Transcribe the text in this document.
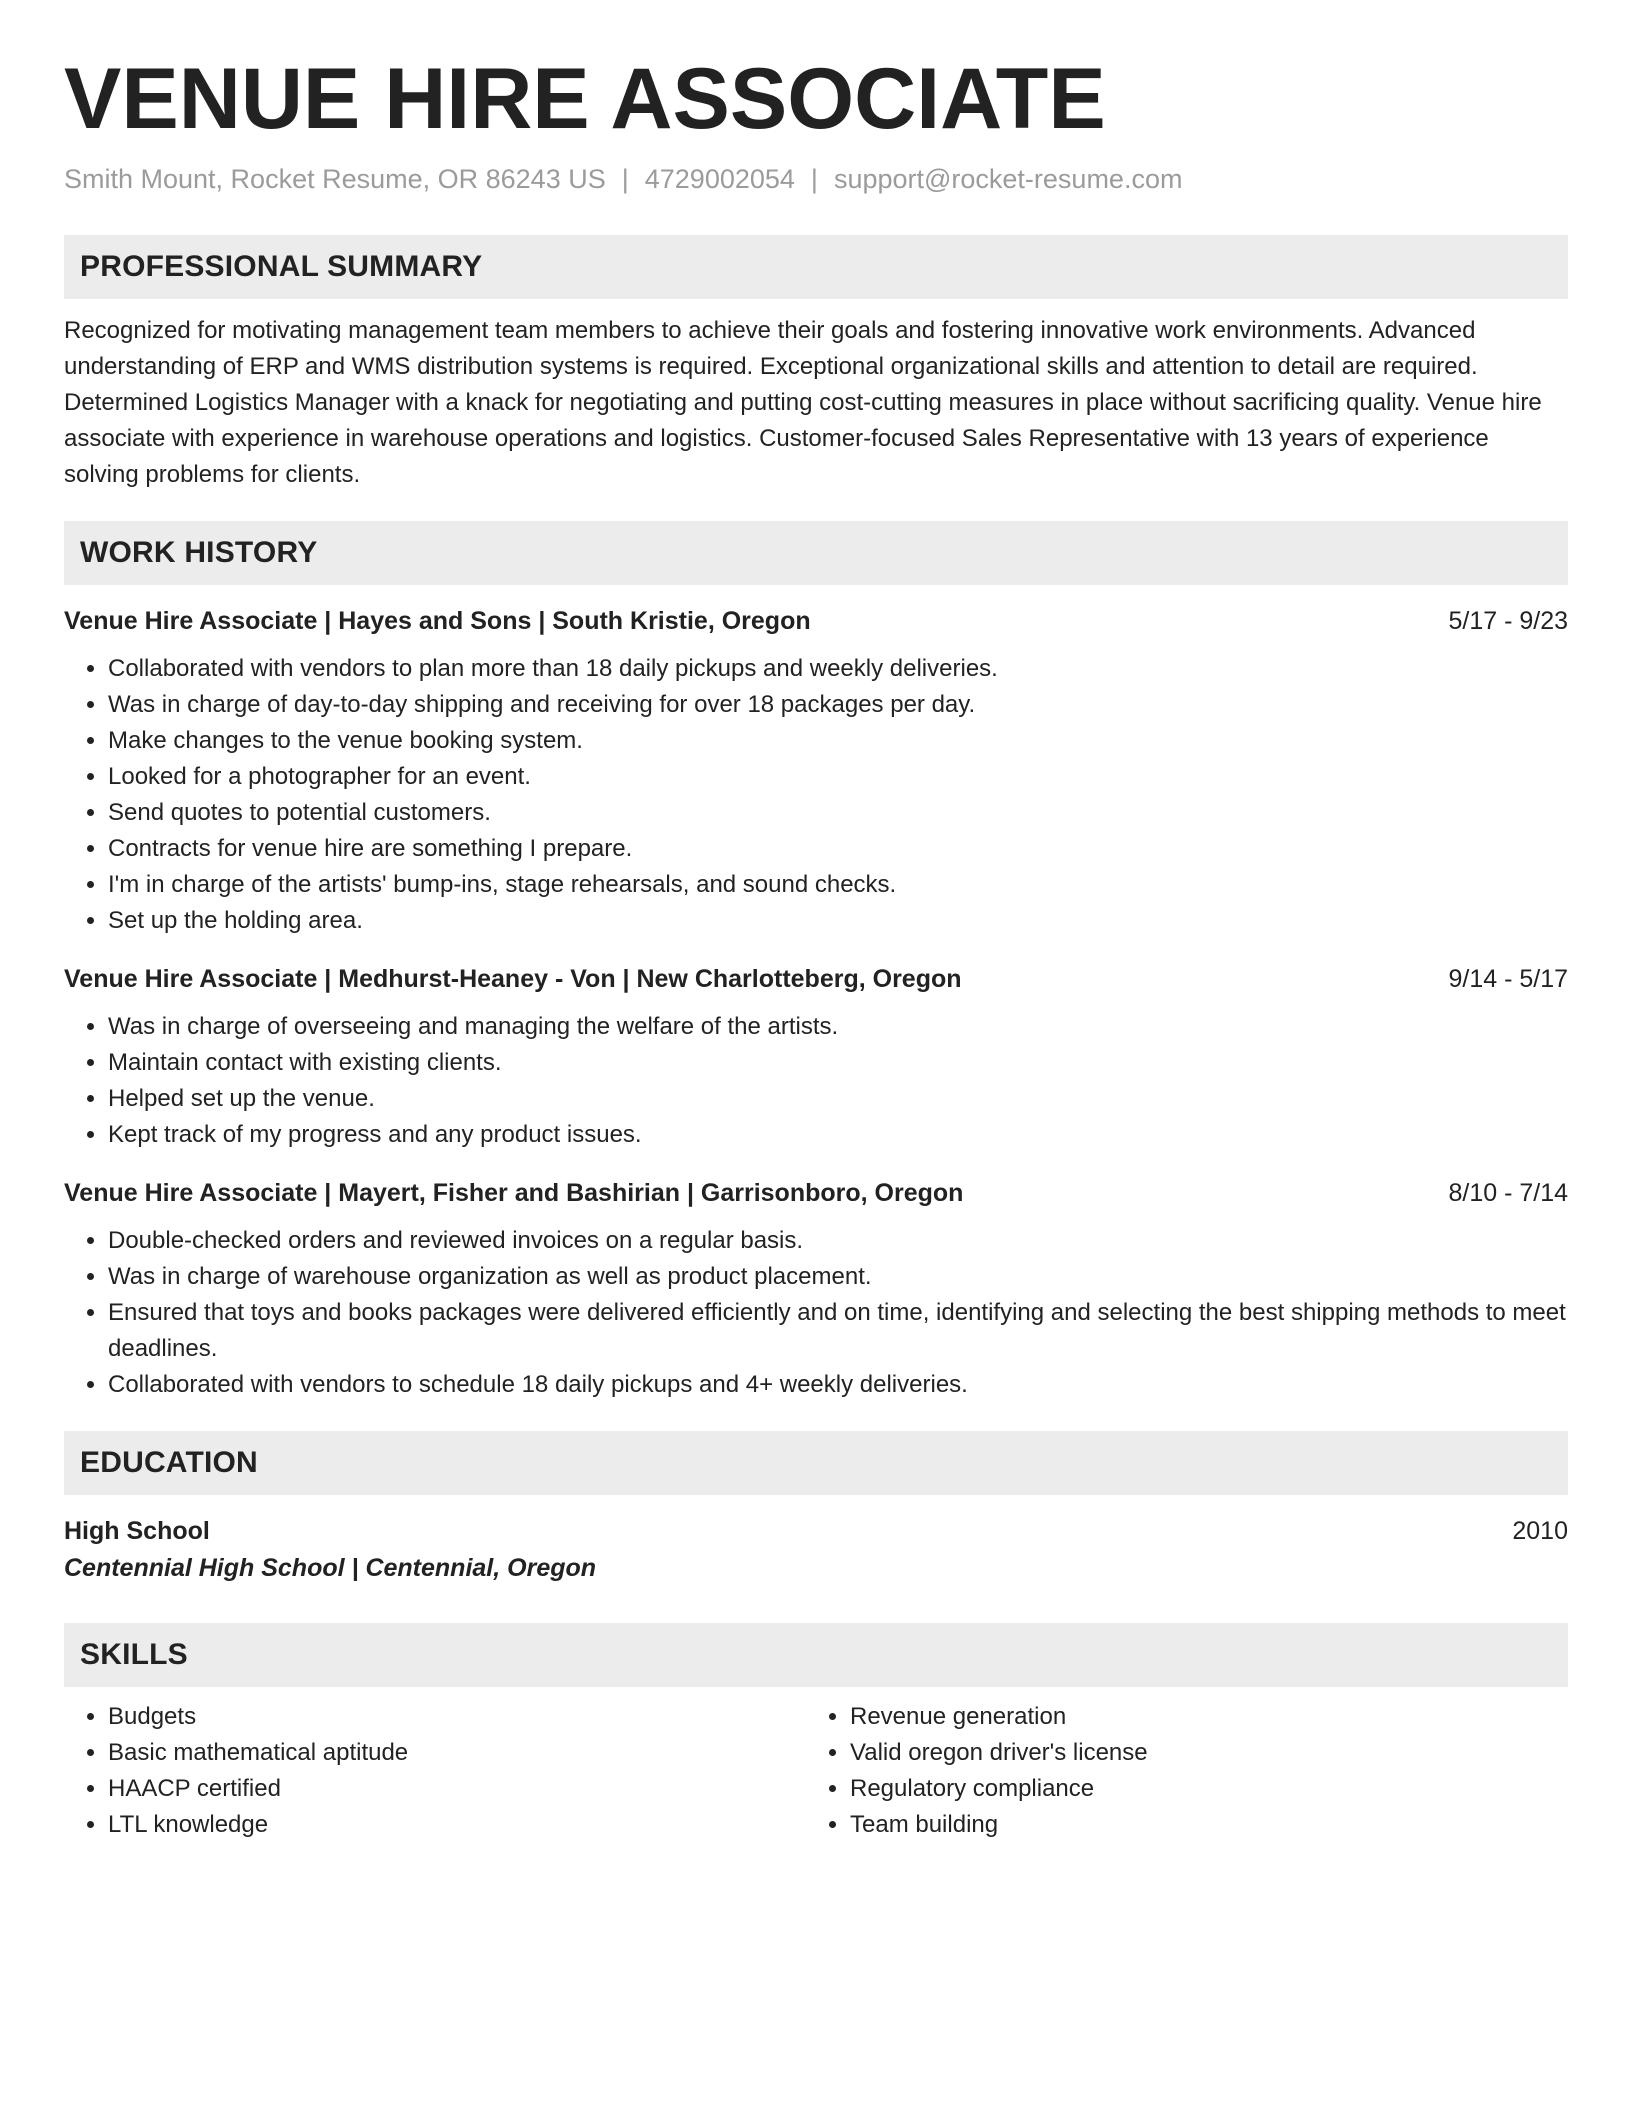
VENUE HIRE ASSOCIATE
Smith Mount, Rocket Resume, OR 86243 US | 4729002054 | support@rocket-resume.com
PROFESSIONAL SUMMARY
Recognized for motivating management team members to achieve their goals and fostering innovative work environments. Advanced understanding of ERP and WMS distribution systems is required. Exceptional organizational skills and attention to detail are required. Determined Logistics Manager with a knack for negotiating and putting cost-cutting measures in place without sacrificing quality. Venue hire associate with experience in warehouse operations and logistics. Customer-focused Sales Representative with 13 years of experience solving problems for clients.
WORK HISTORY
Venue Hire Associate | Hayes and Sons | South Kristie, Oregon	5/17 - 9/23
• Collaborated with vendors to plan more than 18 daily pickups and weekly deliveries.
• Was in charge of day-to-day shipping and receiving for over 18 packages per day.
• Make changes to the venue booking system.
• Looked for a photographer for an event.
• Send quotes to potential customers.
• Contracts for venue hire are something I prepare.
• I'm in charge of the artists' bump-ins, stage rehearsals, and sound checks.
• Set up the holding area.
Venue Hire Associate | Medhurst-Heaney - Von | New Charlotteberg, Oregon	9/14 - 5/17
• Was in charge of overseeing and managing the welfare of the artists.
• Maintain contact with existing clients.
• Helped set up the venue.
• Kept track of my progress and any product issues.
Venue Hire Associate | Mayert, Fisher and Bashirian | Garrisonboro, Oregon	8/10 - 7/14
• Double-checked orders and reviewed invoices on a regular basis.
• Was in charge of warehouse organization as well as product placement.
• Ensured that toys and books packages were delivered efficiently and on time, identifying and selecting the best shipping methods to meet deadlines.
• Collaborated with vendors to schedule 18 daily pickups and 4+ weekly deliveries.
EDUCATION
High School	2010
Centennial High School | Centennial, Oregon
SKILLS
• Budgets
• Basic mathematical aptitude
• HAACP certified
• LTL knowledge
• Revenue generation
• Valid oregon driver's license
• Regulatory compliance
• Team building
